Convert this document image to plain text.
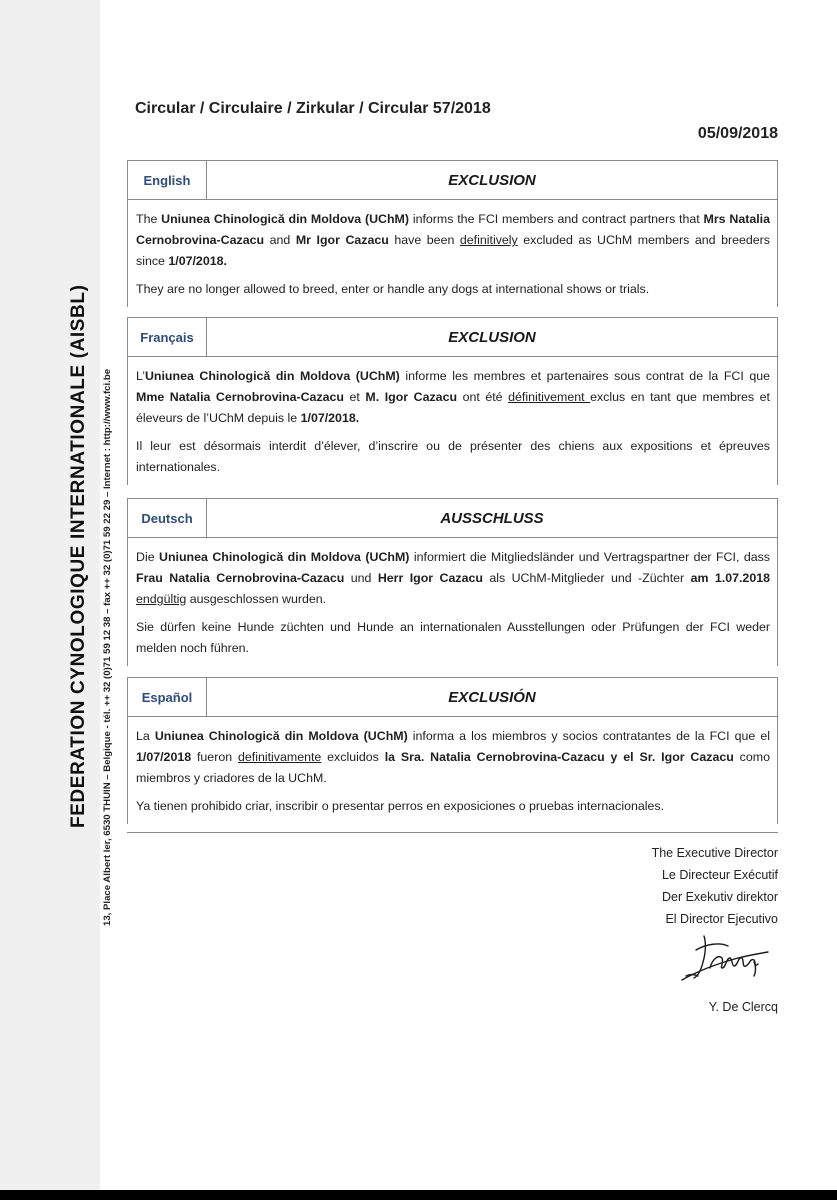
FEDERATION CYNOLOGIQUE INTERNATIONALE (AISBL)	13, Place Albert Ier, 6530 THUIN – Belgique - tél. ++ 32 (0)71 59 12 38 – fax ++ 32 (0)71 59 22 29 – Internet : http://www.fci.be
Circular / Circulaire / Zirkular / Circular 57/2018
05/09/2018
English	EXCLUSION

The Uniunea Chinologică din Moldova (UChM) informs the FCI members and contract partners that Mrs Natalia Cernobrovina-Cazacu and Mr Igor Cazacu have been definitively excluded as UChM members and breeders since 1/07/2018.

They are no longer allowed to breed, enter or handle any dogs at international shows or trials.

Français	EXCLUSION

L’Uniunea Chinologică din Moldova (UChM) informe les membres et partenaires sous contrat de la FCI que Mme Natalia Cernobrovina-Cazacu et M. Igor Cazacu ont été définitivement exclus en tant que membres et éleveurs de l’UChM depuis le 1/07/2018.

Il leur est désormais interdit d’élever, d’inscrire ou de présenter des chiens aux expositions et épreuves internationales.

Deutsch	AUSSCHLUSS

Die Uniunea Chinologică din Moldova (UChM) informiert die Mitgliedsländer und Vertragspartner der FCI, dass Frau Natalia Cernobrovina-Cazacu und Herr Igor Cazacu als UChM-Mitglieder und -Züchter am 1.07.2018 endgültig ausgeschlossen wurden.

Sie dürfen keine Hunde züchten und Hunde an internationalen Ausstellungen oder Prüfungen der FCI weder melden noch führen.

Español	EXCLUSIÓN

La Uniunea Chinologică din Moldova (UChM) informa a los miembros y socios contratantes de la FCI que el 1/07/2018 fueron definitivamente excluidos la Sra. Natalia Cernobrovina-Cazacu y el Sr. Igor Cazacu como miembros y criadores de la UChM.

Ya tienen prohibido criar, inscribir o presentar perros en exposiciones o pruebas internacionales.

The Executive Director
Le Directeur Exécutif
Der Exekutiv direktor
El Director Ejecutivo
Y. De Clercq
